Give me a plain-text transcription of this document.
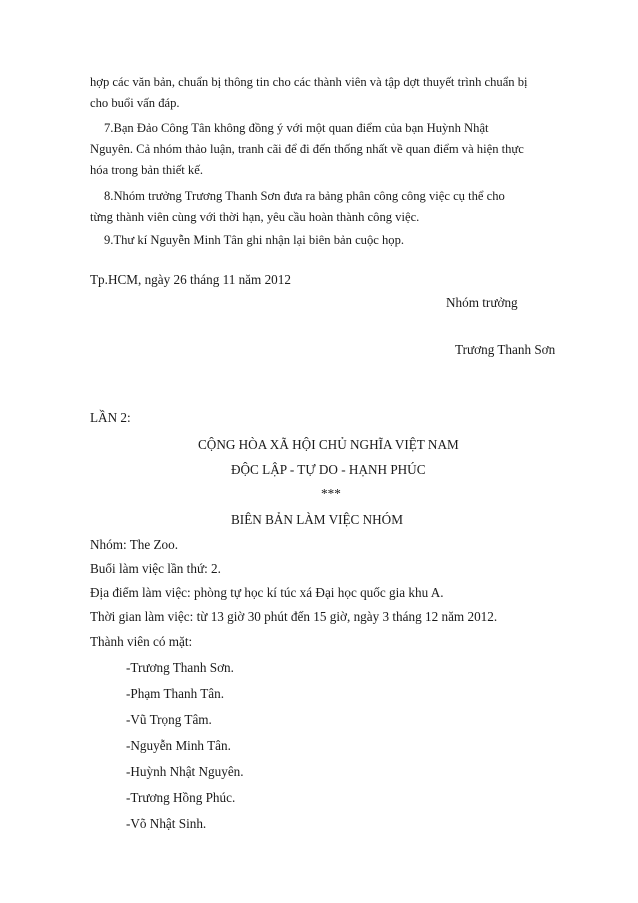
hợp các văn bản, chuẩn bị thông tin cho các thành viên và tập dợt thuyết trình chuẩn bị
cho buổi vấn đáp.
7.Bạn Đảo Công Tân không đồng ý với một quan điểm của bạn Huỳnh Nhật
Nguyên. Cả nhóm thảo luận, tranh cãi để đi đến thống nhất về quan điểm và hiện thực
hóa trong bản thiết kế.
8.Nhóm trưởng Trương Thanh Sơn đưa ra bảng phân công công việc cụ thể cho
từng thành viên cùng với thời hạn, yêu cầu hoàn thành công việc.
9.Thư kí Nguyễn Minh Tân ghi nhận lại biên bản cuộc họp.
Tp.HCM, ngày 26 tháng 11 năm 2012
Nhóm trưởng
Trương Thanh Sơn
LẦN 2:
CỘNG HÒA XÃ HỘI CHỦ NGHĨA VIỆT NAM
ĐỘC LẬP - TỰ DO - HẠNH PHÚC
***
BIÊN BẢN LÀM VIỆC NHÓM
Nhóm: The Zoo.
Buổi làm việc lần thứ: 2.
Địa điểm làm việc: phòng tự học kí túc xá Đại học quốc gia khu A.
Thời gian làm việc: từ 13 giờ 30 phút đến 15 giờ, ngày 3 tháng 12 năm 2012.
Thành viên có mặt:
-Trương Thanh Sơn.
-Phạm Thanh Tân.
-Vũ Trọng Tâm.
-Nguyễn Minh Tân.
-Huỳnh Nhật Nguyên.
-Trương Hồng Phúc.
-Võ Nhật Sinh.
